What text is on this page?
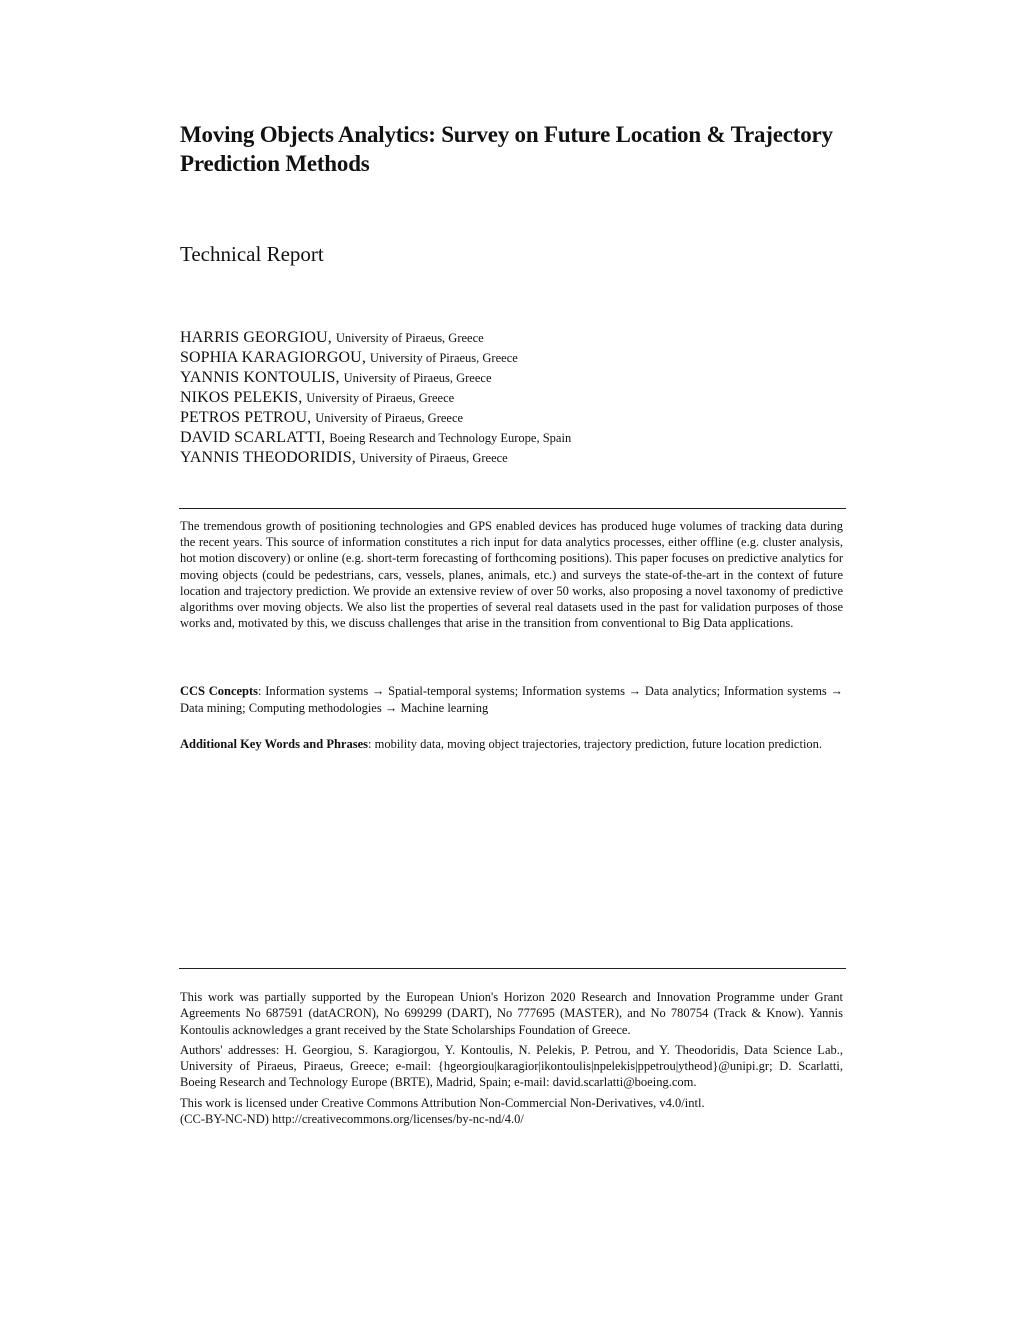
Moving Objects Analytics: Survey on Future Location & Trajectory Prediction Methods
Technical Report
HARRIS GEORGIOU, University of Piraeus, Greece
SOPHIA KARAGIORGOU, University of Piraeus, Greece
YANNIS KONTOULIS, University of Piraeus, Greece
NIKOS PELEKIS, University of Piraeus, Greece
PETROS PETROU, University of Piraeus, Greece
DAVID SCARLATTI, Boeing Research and Technology Europe, Spain
YANNIS THEODORIDIS, University of Piraeus, Greece

The tremendous growth of positioning technologies and GPS enabled devices has produced huge volumes of tracking data during the recent years. This source of information constitutes a rich input for data analytics processes, either offline (e.g. cluster analysis, hot motion discovery) or online (e.g. short-term forecasting of forthcoming positions). This paper focuses on predictive analytics for moving objects (could be pedestrians, cars, vessels, planes, animals, etc.) and surveys the state-of-the-art in the context of future location and trajectory prediction. We provide an extensive review of over 50 works, also proposing a novel taxonomy of predictive algorithms over moving objects. We also list the properties of several real datasets used in the past for validation purposes of those works and, motivated by this, we discuss challenges that arise in the transition from conventional to Big Data applications.

CCS Concepts: Information systems → Spatial-temporal systems; Information systems → Data analytics; Information systems → Data mining; Computing methodologies → Machine learning

Additional Key Words and Phrases: mobility data, moving object trajectories, trajectory prediction, future location prediction.

This work was partially supported by the European Union's Horizon 2020 Research and Innovation Programme under Grant Agreements No 687591 (datACRON), No 699299 (DART), No 777695 (MASTER), and No 780754 (Track & Know). Yannis Kontoulis acknowledges a grant received by the State Scholarships Foundation of Greece.

Authors' addresses: H. Georgiou, S. Karagiorgou, Y. Kontoulis, N. Pelekis, P. Petrou, and Y. Theodoridis, Data Science Lab., University of Piraeus, Piraeus, Greece; e-mail: {hgeorgiou|karagior|ikontoulis|npelekis|ppetrou|ytheod}@unipi.gr; D. Scarlatti, Boeing Research and Technology Europe (BRTE), Madrid, Spain; e-mail: david.scarlatti@boeing.com.

This work is licensed under Creative Commons Attribution Non-Commercial Non-Derivatives, v4.0/intl.
(CC-BY-NC-ND) http://creativecommons.org/licenses/by-nc-nd/4.0/
